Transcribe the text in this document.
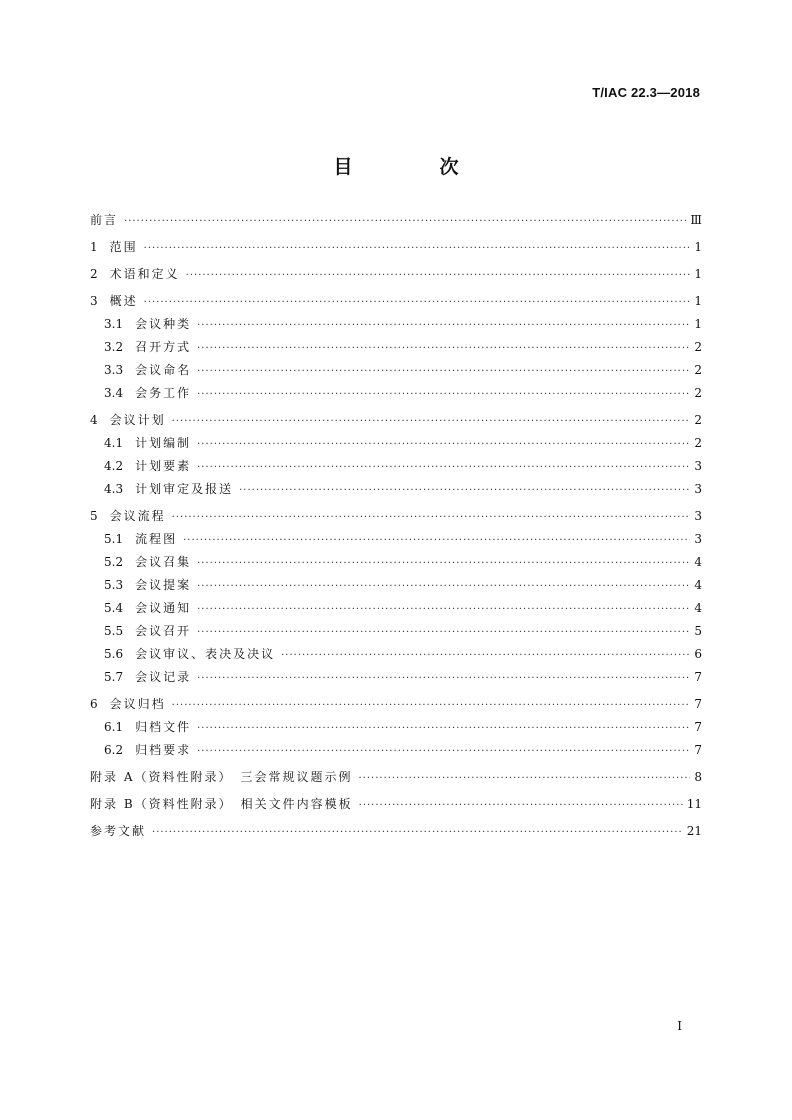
T/IAC 22.3—2018
目　次
前言 ·····	Ⅲ
1 范围 ·····	1
2 术语和定义 ·····	1
3 概述 ·····	1
3.1 会议种类 ·····	1
3.2 召开方式 ·····	2
3.3 会议命名 ·····	2
3.4 会务工作 ·····	2
4 会议计划 ·····	2
4.1 计划编制 ·····	2
4.2 计划要素 ·····	3
4.3 计划审定及报送 ·····	3
5 会议流程 ·····	3
5.1 流程图 ·····	3
5.2 会议召集 ·····	4
5.3 会议提案 ·····	4
5.4 会议通知 ·····	4
5.5 会议召开 ·····	5
5.6 会议审议、表决及决议 ·····	6
5.7 会议记录 ·····	7
6 会议归档 ·····	7
6.1 归档文件 ·····	7
6.2 归档要求 ·····	7
附录 A（资料性附录）　三会常规议题示例 ·····	8
附录 B（资料性附录）　相关文件内容模板 ·····	11
参考文献 ·····	21
I
